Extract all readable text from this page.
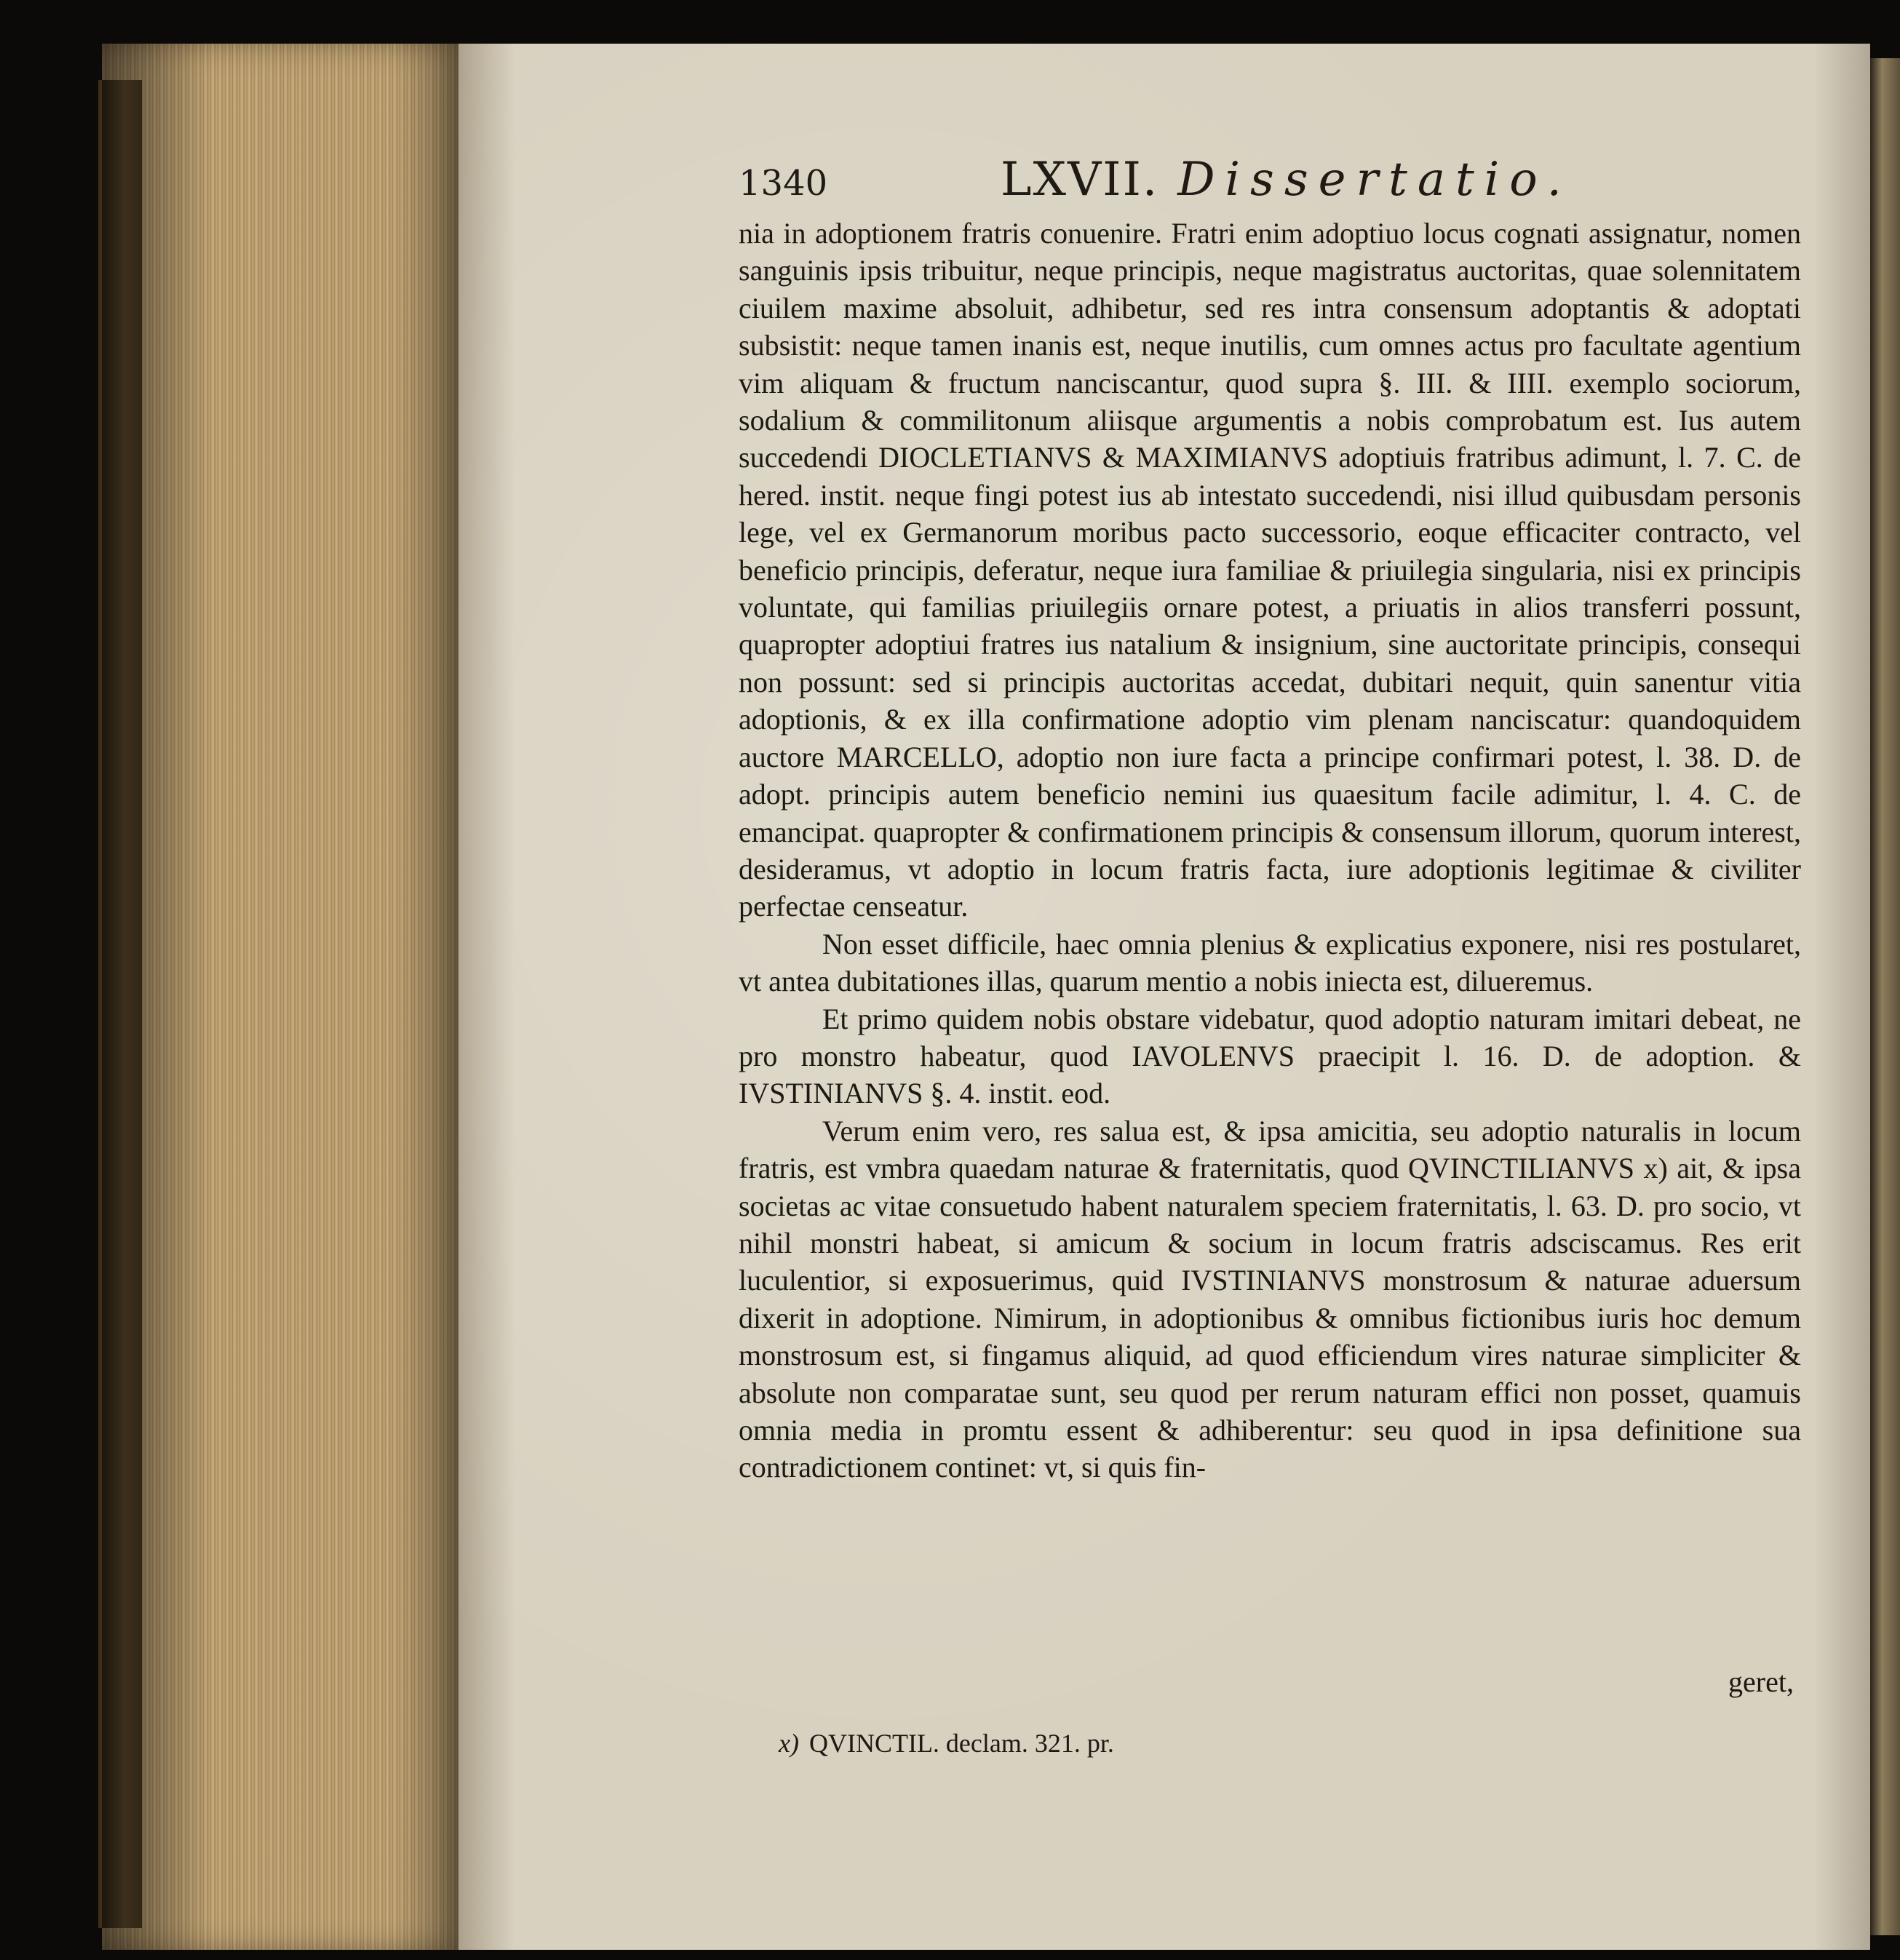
1340	LXVII. Dissertatio.

nia in adoptionem fratris conuenire. Fratri enim adoptiuo locus cognati assignatur, nomen sanguinis ipsis tribuitur, neque principis, neque magistratus auctoritas, quae solennitatem ciuilem maxime absoluit, adhibetur, sed res intra consensum adoptantis & adoptati subsistit: neque tamen inanis est, neque inutilis, cum omnes actus pro facultate agentium vim aliquam & fructum nanciscantur, quod supra §. III. & IIII. exemplo sociorum, sodalium & commilitonum aliisque argumentis a nobis comprobatum est. Ius autem succedendi DIOCLETIANVS & MAXIMIANVS adoptiuis fratribus adimunt, l. 7. C. de hered. instit. neque fingi potest ius ab intestato succedendi, nisi illud quibusdam personis lege, vel ex Germanorum moribus pacto successorio, eoque efficaciter contracto, vel beneficio principis, deferatur, neque iura familiae & priuilegia singularia, nisi ex principis voluntate, qui familias priuilegiis ornare potest, a priuatis in alios transferri possunt, quapropter adoptiui fratres ius natalium & insignium, sine auctoritate principis, consequi non possunt: sed si principis auctoritas accedat, dubitari nequit, quin sanentur vitia adoptionis, & ex illa confirmatione adoptio vim plenam nanciscatur: quandoquidem auctore MARCELLO, adoptio non iure facta a principe confirmari potest, l. 38. D. de adopt. principis autem beneficio nemini ius quaesitum facile adimitur, l. 4. C. de emancipat. quapropter & confirmationem principis & consensum illorum, quorum interest, desideramus, vt adoptio in locum fratris facta, iure adoptionis legitimae & civiliter perfectae censeatur.

Non esset difficile, haec omnia plenius & explicatius exponere, nisi res postularet, vt antea dubitationes illas, quarum mentio a nobis iniecta est, dilueremus.

Et primo quidem nobis obstare videbatur, quod adoptio naturam imitari debeat, ne pro monstro habeatur, quod IAVOLENVS praecipit l. 16. D. de adoption. & IVSTINIANVS §. 4. instit. eod.

Verum enim vero, res salua est, & ipsa amicitia, seu adoptio naturalis in locum fratris, est vmbra quaedam naturae & fraternitatis, quod QVINCTILIANVS x) ait, & ipsa societas ac vitae consuetudo habent naturalem speciem fraternitatis, l. 63. D. pro socio, vt nihil monstri habeat, si amicum & socium in locum fratris adsciscamus. Res erit luculentior, si exposuerimus, quid IVSTINIANVS monstrosum & naturae aduersum dixerit in adoptione. Nimirum, in adoptionibus & omnibus fictionibus iuris hoc demum monstrosum est, si fingamus aliquid, ad quod efficiendum vires naturae simpliciter & absolute non comparatae sunt, seu quod per rerum naturam effici non posset, quamuis omnia media in promtu essent & adhiberentur: seu quod in ipsa definitione sua contradictionem continet: vt, si quis fin-

geret,
x) QVINCTIL. declam. 321. pr.
